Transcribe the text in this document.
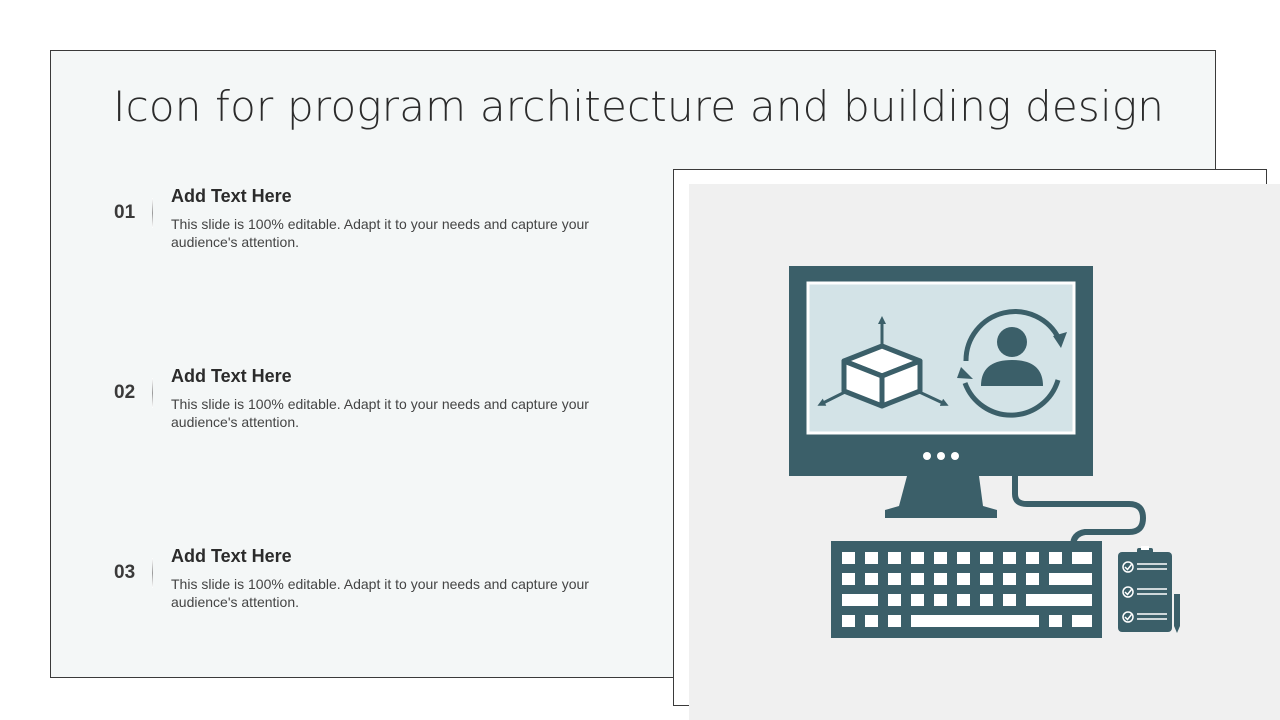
Icon for program architecture and building design
01
Add Text Here
This slide is 100% editable. Adapt it to your needs and capture your audience's attention.
02
Add Text Here
This slide is 100% editable. Adapt it to your needs and capture your audience's attention.
03
Add Text Here
This slide is 100% editable. Adapt it to your needs and capture your audience's attention.
